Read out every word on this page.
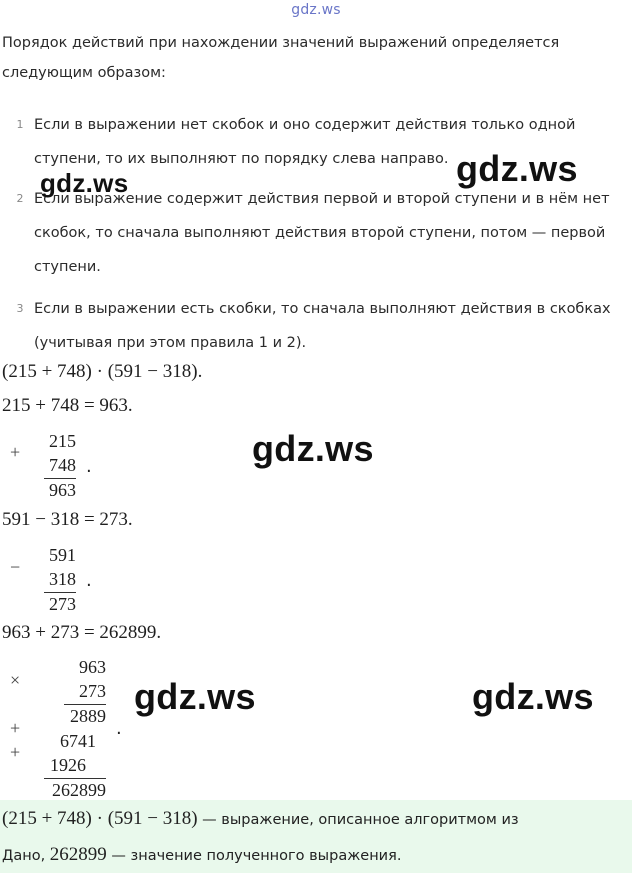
gdz.ws
Порядок действий при нахождении значений выражений определяется следующим образом:
1 Если в выражении нет скобок и оно содержит действия только одной ступени, то их выполняют по порядку слева направо.
2 Если выражение содержит действия первой и второй ступени и в нём нет скобок, то сначала выполняют действия второй ступени, потом — первой ступени.
3 Если в выражении есть скобки, то сначала выполняют действия в скобках (учитывая при этом правила 1 и 2).
(215 + 748) · (591 − 318).
215 + 748 = 963.
+
215
748
963
.
591 − 318 = 273.
−
591
318
273
.
963 + 273 = 262899.
×
+
+
963
273
2889
6741
1926
262899
.
(215 + 748) · (591 − 318) — выражение, описанное алгоритмом из
Дано, 262899 — значение полученного выражения.
gdz.ws	gdz.ws
gdz.ws
gdz.ws	gdz.ws
